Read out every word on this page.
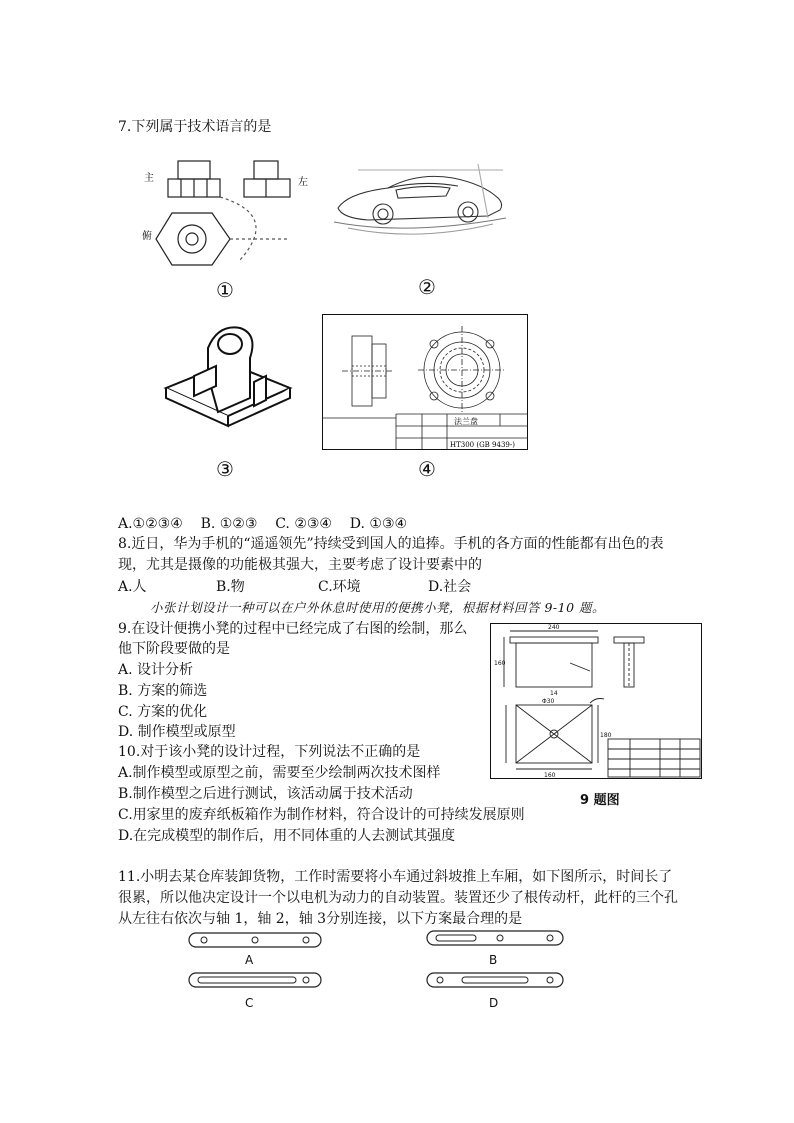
7.下列属于技术语言的是
主	左
俯
①	②
法兰盘
HT300 (GB 9439-)
③	④
A.①②③④    B. ①②③    C. ②③④    D. ①③④
8.近日，华为手机的“遥遥领先”持续受到国人的追捧。手机的各方面的性能都有出色的表
现，尤其是摄像的功能极其强大，主要考虑了设计要素中的
A.人	B.物	C.环境	D.社会
小张计划设计一种可以在户外休息时使用的便携小凳，根据材料回答 9-10 题。
9.在设计便携小凳的过程中已经完成了右图的绘制，那么
他下阶段要做的是
A. 设计分析
B. 方案的筛选
C. 方案的优化
D. 制作模型或原型
240
160
160
180
Φ30
14
9 题图
10.对于该小凳的设计过程，下列说法不正确的是
A.制作模型或原型之前，需要至少绘制两次技术图样
B.制作模型之后进行测试，该活动属于技术活动
C.用家里的废弃纸板箱作为制作材料，符合设计的可持续发展原则
D.在完成模型的制作后，用不同体重的人去测试其强度
11.小明去某仓库装卸货物，工作时需要将小车通过斜坡推上车厢，如下图所示，时间长了
很累，所以他决定设计一个以电机为动力的自动装置。装置还少了根传动杆，此杆的三个孔
从左往右依次与轴 1，轴 2，轴 3分别连接，以下方案最合理的是
A	B
C	D
